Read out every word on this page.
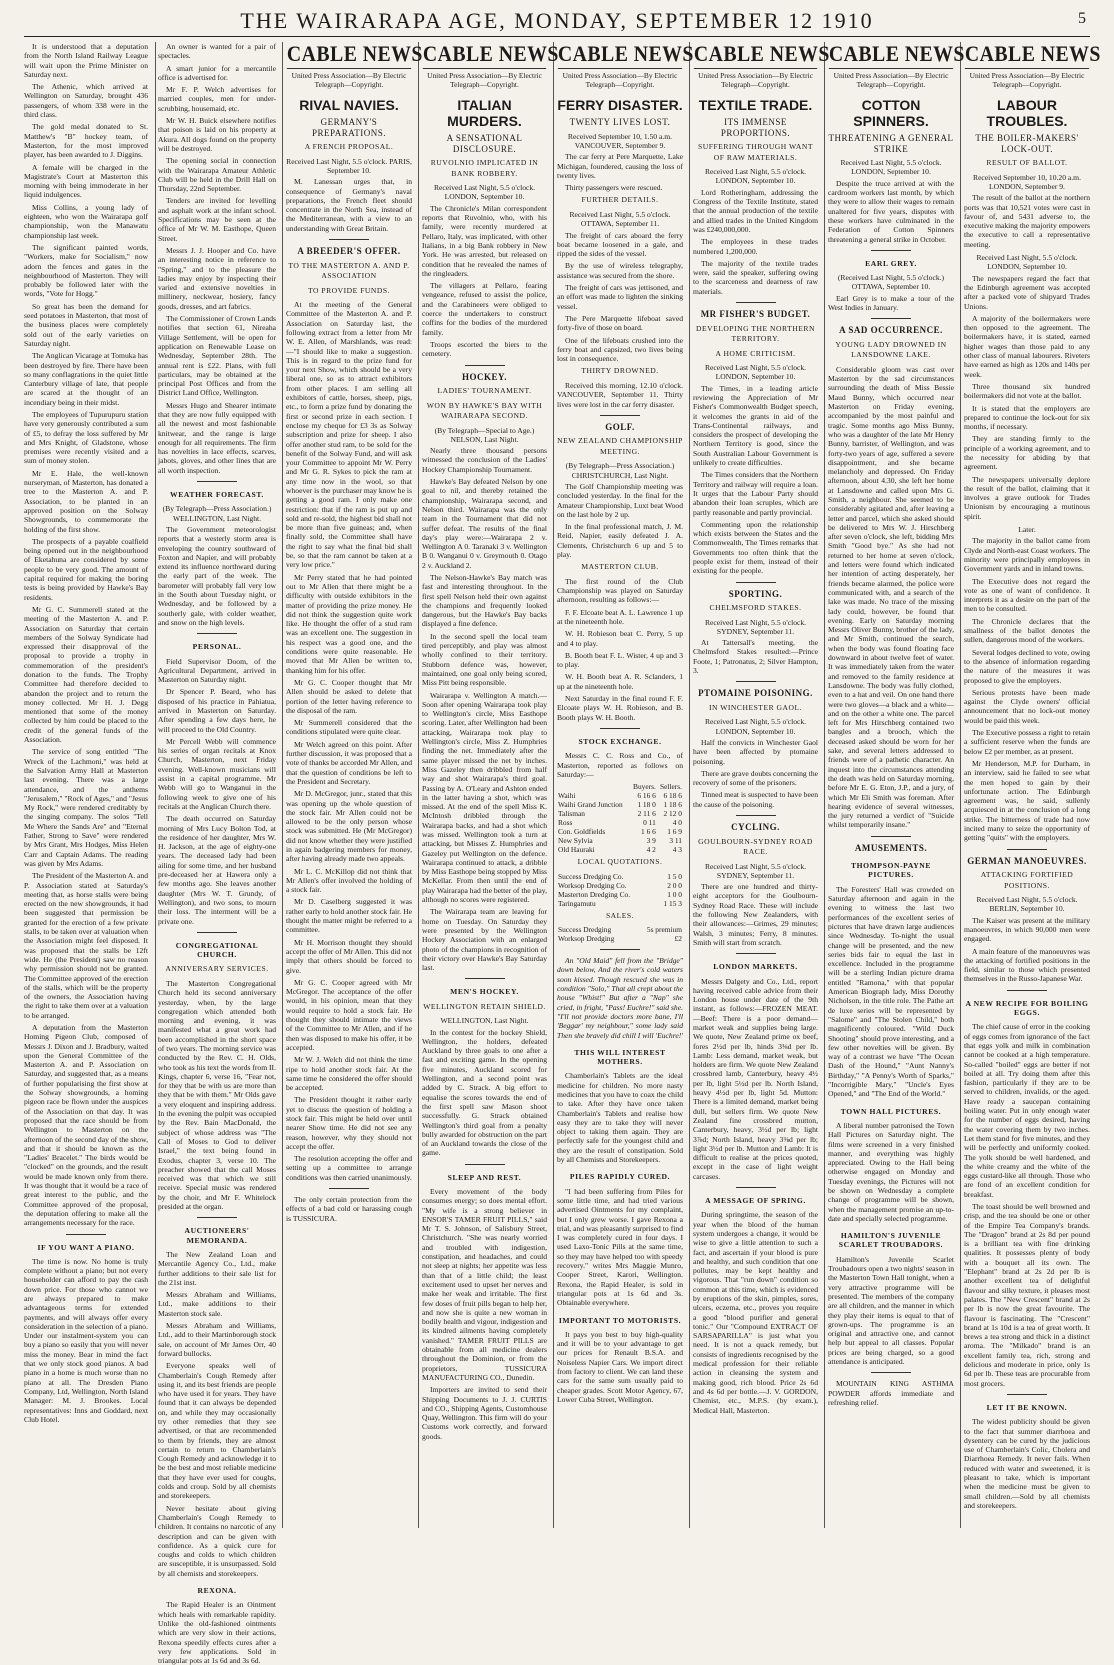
THE WAIRARAPA AGE, MONDAY, SEPTEMBER 12 1910	5

It is understood that a deputation from the North Island Railway League will wait upon the Prime Minister on Saturday next.

The Athenic, which arrived at Wellington on Saturday, brought 436 passengers, of whom 338 were in the third class.

The gold medal donated to St. Matthew's "B" hockey team, of Masterton, for the most improved player, has been awarded to J. Diggins.

A female will be charged in the Magistrate's Court at Masterton this morning with being immoderate in her liquid indulgences.

Miss Collins, a young lady of eighteen, who won the Wairarapa golf championship, won the Manawatu championship last week.

The significant painted words, "Workers, make for Socialism," now adorn the fences and gates in the neighbourhood of Masterton. They will probably be followed later with the words, "Vote for Hogg."

So great has been the demand for seed potatoes in Masterton, that most of the business places were completely sold out of the early varieties on Saturday night.

The Anglican Vicarage at Tomuka has been destroyed by fire. There have been so many conflagrations in the quiet little Canterbury village of late, that people are scared at the thought of an incendiary being in their midst.

The employees of Tupurupuru station have very generously contributed a sum of £5, to defray the loss suffered by Mr and Mrs Knight, of Gladstone, whose premises were recently visited and a sum of money stolen.

Mr E. Hale, the well-known nurseryman, of Masterton, has donated a tree to the Masterton A. and P. Association, to be planted in an approved position on the Solway Showgrounds, to commemorate the holding of the first show.

The prospects of a payable coalfield being opened out in the neighbourhood of Eketahuna are considered by some people to be very good. The amount of capital required for making the boring tests is being provided by Hawke's Bay residents.

Mr G. C. Summerell stated at the meeting of the Masterton A. and P. Association on Saturday that certain members of the Solway Syndicate had expressed their disapproval of the proposal to provide a trophy in commemoration of the president's donation to the funds. The Trophy Committee had therefore decided to abandon the project and to return the money collected. Mr H. J. Degg mentioned that some of the money collected by him could be placed to the credit of the general funds of the Association.

The service of song entitled "The Wreck of the Lachmoni," was held at the Salvation Army Hall at Masterton last evening. There was a large attendance, and the anthems "Jerusalem," "Rock of Ages," and "Jesus My Rock," were rendered creditably by the singing company. The solos "Tell Me Where the Sands Are" and "Eternal Father, Strong to Save" were rendered by Mrs Grant, Mrs Hodges, Miss Helen Carr and Captain Adams. The reading was given by Mrs Adams.

The President of the Masterton A. and P. Association stated at Saturday's meeting that, as horse stalls were being erected on the new showgrounds, it had been suggested that permission be granted for the erection of a few private stalls, to be taken over at valuation when the Association might feel disposed. It was proposed that the stalls be 12ft wide. He (the President) saw no reason why permission should not be granted. The Committee approved of the erection of the stalls, which will be the property of the owners, the Association having the right to take them over at a valuation to be arranged.

A deputation from the Masterton Homing Pigeon Club, composed of Messrs J. Dixon and J. Bradbury, waited upon the General Committee of the Masterton A. and P. Association on Saturday, and suggested that, as a means of further popularising the first show at the Solway showgrounds, a homing pigeon race be flown under the auspices of the Association on that day. It was proposed that the race should be from Wellington to Masterton on the afternoon of the second day of the show, and that it should be known as the "Ladies' Bracelet." The birds would be "clocked" on the grounds, and the result would be made known only from there. It was thought that it would be a race of great interest to the public, and the Committee approved of the proposal, the deputation offering to make all the arrangements necessary for the race.

IF YOU WANT A PIANO.

The time is now. No home is truly complete without a piano; but not every householder can afford to pay the cash down price. For those who cannot we are always prepared to make advantageous terms for extended payments, and will always offer every consideration in the selection of a piano. Under our instalment-system you can buy a piano so easily that you will never miss the money. Bear in mind the fact that we only stock good pianos. A bad piano in a home is much worse than no piano at all. The Dresden Piano Company, Ltd, Wellington, North Island Manager: M. J. Brookes. Local representatives: Inns and Goddard, next Club Hotel.

An owner is wanted for a pair of spectacles.

A smart junior for a mercantile office is advertised for.

Mr F. P. Welch advertises for married couples, men for under-scrubbing, housemaid, etc.

Mr W. H. Buick elsewhere notifies that poison is laid on his property at Akura. All dogs found on the property will be destroyed.

The opening social in connection with the Wairarapa Amateur Athletic Club will be held in the Drill Hall on Thursday, 22nd September.

Tenders are invited for levelling and asphalt work at the infant school. Specifications may be seen at the office of Mr W. M. Easthope, Queen Street.

Messrs J. J. Hooper and Co. have an interesting notice in reference to "Spring," and to the pleasure the ladies may enjoy by inspecting their varied and extensive novelties in millinery, neckwear, hosiery, fancy goods, dresses, and art fabrics.

The Commissioner of Crown Lands notifies that section 61, Nireaha Village Settlement, will be open for application on Renewable Lease on Wednesday, September 28th. The annual rent is £22. Plans, with full particulars, may be obtained at the principal Post Offices and from the District Land Office, Wellington.

Messrs Hugo and Shearer intimate that they are now fully equipped with all the newest and most fashionable knitwear, and the range is large enough for all requirements. The firm has novelties in lace effects, scarves, jabots, gloves, and other lines that are all worth inspection.

WEATHER FORECAST.
(By Telegraph—Press Association.) WELLINGTON, Last Night.

The Government meteorologist reports that a westerly storm area is enveloping the country southward of Foxton and Napier, and will probably extend its influence northward during the early part of the week. The barometer will probably fall very low in the South about Tuesday night, or Wednesday, and be followed by a southerly gale, with colder weather, and snow on the high levels.

PERSONAL.

Field Supervisor Doom, of the Agricultural Department, arrived in Masterton on Saturday night.

Dr Spencer P. Beard, who has disposed of his practice in Pahiatua, arrived in Masterton on Saturday. After spending a few days here, he will proceed to the Old Country.

Mr Percell Webb will commence his series of organ recitals at Knox Church, Masterton, next Friday evening. Well-known musicians will assist in a capital programme. Mr Webb will go to Wanganui in the following week to give one of his recitals at the Anglican Church there.

The death occurred on Saturday morning of Mrs Lucy Bolton Tod, at the residence of her daughter, Mrs W. H. Jackson, at the age of eighty-one years. The deceased lady had been ailing for some time, and her husband pre-deceased her at Hawera only a few months ago. She leaves another daughter (Mrs W. T. Grundy, of Wellington), and two sons, to mourn their loss. The interment will be a private one.

CONGREGATIONAL CHURCH.
ANNIVERSARY SERVICES.

The Masterton Congregational Church held its second anniversary yesterday, when, by the large congregation which attended both morning and evening, it was manifested what a great work had been accomplished in the short space of two years. The morning service was conducted by the Rev. C. H. Olds, who took as his text the words from II. Kings, chapter 6, verse 16, "Fear not, for they that be with us are more than they that be with them." Mr Olds gave a very eloquent and inspiring address. In the evening the pulpit was occupied by the Rev. Bain MacDonald, the subject of whose address was "The Call of Moses to God to deliver Israel," the text being found in Exodus, chapter 3, verse 10. The preacher showed that the call Moses received was that which we still receive. Special music was rendered by the choir, and Mr F. Whitelock presided at the organ.

AUCTIONEERS' MEMORANDA.

The New Zealand Loan and Mercantile Agency Co., Ltd., make further additions to their sale list for the 21st inst.

Messrs Abraham and Williams, Ltd., make additions to their Masterton stock sale.

Messrs Abraham and Williams, Ltd., add to their Martinborough stock sale, on account of Mr James Orr, 40 forward bullocks.

Everyone speaks well of Chamberlain's Cough Remedy after using it, and its best friends are people who have used it for years. They have found that it can always be depended on, and while they may occasionally try other remedies that they see advertised, or that are recommended to them by friends, they are almost certain to return to Chamberlain's Cough Remedy and acknowledge it to be the best and most reliable medicine that they have ever used for coughs, colds and croup. Sold by all chemists and storekeepers.

Never hesitate about giving Chamberlain's Cough Remedy to children. It contains no narcotic of any description and can be given with confidence. As a quick cure for coughs and colds to which children are susceptible, it is unsurpassed. Sold by all chemists and storekeepers.

REXONA.

The Rapid Healer is an Ointment which heals with remarkable rapidity. Unlike the old-fashioned ointments which are very slow in their actions, Rexona speedily effects cures after a very few applications. Sold in triangular pots at 1s 6d and 3s 6d.

CABLE NEWS
United Press Association—By Electric Telegraph—Copyright.
RIVAL NAVIES.
GERMANY'S PREPARATIONS.
A FRENCH PROPOSAL.
Received Last Night, 5.5 o'clock. PARIS, September 10.

M. Lanessan urges that, in consequence of Germany's naval preparations, the French fleet should concentrate in the North Sea, instead of the Mediterranean, with a view to an understanding with Great Britain.

A BREEDER'S OFFER.
TO THE MASTERTON A. AND P. ASSOCIATION
TO PROVIDE FUNDS.

At the meeting of the General Committee of the Masterton A. and P. Association on Saturday last, the following extract from a letter from Mr W. E. Allen, of Marshlands, was read:—"I should like to make a suggestion. This is in regard to the prize fund for your next Show, which should be a very liberal one, so as to attract exhibitors from other places. I am selling all exhibitors of cattle, horses, sheep, pigs, etc., to form a prize fund by donating the first or second prize in each section. I enclose my cheque for £3 3s as Solway subscription and prize for sheep. I also offer another stud ram, to be sold for the benefit of the Solway Fund, and will ask your Committee to appoint Mr W. Perry and Mr G. R. Sykes to pick the ram at any time now in the wool, so that whoever is the purchaser may know he is getting a good ram. I only make one restriction: that if the ram is put up and sold and re-sold, the highest bid shall not be more than five guineas; and, when finally sold, the Committee shall have the right to say what the final bid shall be, so that the ram cannot be taken at a very low price."

Mr Perry stated that he had pointed out to Mr Allen that there might be a difficulty with outside exhibitors in the matter of providing the prize money. He did not think the suggestion quite work like. He thought the offer of a stud ram was an excellent one. The suggestion in his respect was a good one, and the conditions were quite reasonable. He moved that Mr Allen be written to, thanking him for his offer.

Mr G. C. Cooper thought that Mr Allen should be asked to delete that portion of the letter having reference to the disposal of the ram.

Mr Summerell considered that the conditions stipulated were quite clear.

Mr Welch agreed on this point. After further discussion, it was proposed that a vote of thanks be accorded Mr Allen, and that the question of conditions be left to the President and Secretary.

Mr D. McGregor, junr., stated that this was opening up the whole question of the stock fair. Mr Allen could not be allowed to be the only person whose stock was submitted. He (Mr McGregor) did not know whether they were justified in again badgering members for money, after having already made two appeals.

Mr L. C. McKillop did not think that Mr Allen's offer involved the holding of a stock fair.

Mr D. Caselberg suggested it was rather early to hold another stock fair. He thought the matter might be referred to a committee.

Mr H. Morrison thought they should accept the offer of Mr Allen. This did not imply that others should be forced to give.

Mr G. C. Cooper agreed with Mr McGregor. The acceptance of the offer would, in his opinion, mean that they would require to hold a stock fair. He thought they should intimate the views of the Committee to Mr Allen, and if he then was disposed to make his offer, it be accepted.

Mr W. J. Welch did not think the time ripe to hold another stock fair. At the same time he considered the offer should be accepted.

The President thought it rather early yet to discuss the question of holding a stock fair. This might be held over until nearer Show time. He did not see any reason, however, why they should not accept the offer.

The resolution accepting the offer and setting up a committee to arrange conditions was then carried unanimously.

The only certain protection from the effects of a bad cold or harassing cough is TUSSICURA.

CABLE NEWS
United Press Association—By Electric Telegraph—Copyright.
ITALIAN MURDERS.
A SENSATIONAL DISCLOSURE.
RUVOLNIO IMPLICATED IN BANK ROBBERY.
Received Last Night, 5.5 o'clock. LONDON, September 10.

The Chronicle's Milan correspondent reports that Ruvolnio, who, with his family, were recently murdered at Pellaro, Italy, was implicated, with other Italians, in a big Bank robbery in New York. He was arrested, but released on condition that he revealed the names of the ringleaders.

The villagers at Pellaro, fearing vengeance, refused to assist the police, and the Carabineers were obliged to coerce the undertakers to construct coffins for the bodies of the murdered family.

Troops escorted the biers to the cemetery.

HOCKEY.
LADIES' TOURNAMENT.
WON BY HAWKE'S BAY WITH WAIRARAPA SECOND.
(By Telegraph—Special to Age.) NELSON, Last Night.

Nearly three thousand persons witnessed the conclusion of the Ladies' Hockey Championship Tournament.

Hawke's Bay defeated Nelson by one goal to nil, and thereby retained the championship, Wairarapa second, and Nelson third. Wairarapa was the only team in the Tournament that did not suffer defeat. The results of the final day's play were:—Wairarapa 2 v. Wellington A 0. Taranaki 3 v. Wellington B 0. Wanganui 0 v. Greymouth 0. Otago 2 v. Auckland 2.

The Nelson-Hawke's Bay match was fast and interesting throughout. In the first spell Nelson held their own against the champions and frequently looked dangerous, but the Hawke's Bay backs displayed a fine defence.

In the second spell the local team tired perceptibly, and play was almost wholly confined to their territory. Stubborn defence was, however, maintained, one goal only being scored, Miss Pitt being responsible.

Wairarapa v. Wellington A match.—Soon after opening Wairarapa took play to Wellington's circle, Miss Easthope scoring. Later, after Wellington had been attacking, Wairarapa took play to Wellington's circle, Miss Z. Humphries finding the net. Immediately after the same player missed the net by inches. Miss Gazeley then dribbled from half way and shot Wairarapa's third goal. Passing by A. O'Leary and Ashton ended in the latter having a shot, which was missed. At the end of the spell Miss K. McIntosh dribbled through the Wairarapa backs, and had a shot which was missed. Wellington took a turn at attacking, but Misses Z. Humphries and Gazeley put Wellington on the defence. Wairarapa continued to attack, a dribble by Miss Easthope being stopped by Miss McKellar. From then until the end of play Wairarapa had the better of the play, although no scores were registered.

The Wairarapa team are leaving for home on Tuesday. On Saturday they were presented by the Wellington Hockey Association with an enlarged photo of the champions in recognition of their victory over Hawke's Bay Saturday last.

MEN'S HOCKEY.
WELLINGTON RETAIN SHIELD.
WELLINGTON, Last Night.

In the contest for the hockey Shield, Wellington, the holders, defeated Auckland by three goals to one after a fast and exciting game. In the opening five minutes, Auckland scored for Wellington, and a second point was added by C. Strack. A big effort to equalise the scores towards the end of the first spell saw Mason shoot successfully. G. Strack obtained Wellington's third goal from a penalty bully awarded for obstruction on the part of an Auckland towards the close of the game.

SLEEP AND REST.

Every movement of the body consumes energy; so does mental effort. "My wife is a strong believer in ENSOR'S TAMER FRUIT PILLS," said Mr T. S. Johnson, of Salisbury Street, Christchurch. "She was nearly worried and troubled with indigestion, constipation, and headaches, and could not sleep at nights; her appetite was less than that of a little child; the least excitement used to upset her nerves and make her weak and irritable. The first few doses of fruit pills began to help her, and now she is quite a new woman in bodily health and vigour, indigestion and its kindred ailments having completely vanished." TAMER FRUIT PILLS are obtainable from all medicine dealers throughout the Dominion, or from the proprietors, TUSSICURA MANUFACTURING CO., Dunedin.

Importers are invited to send their Shipping Documents to J. J. CURTIS and CO., Shipping Agents, Customhouse Quay, Wellington. This firm will do your Customs work correctly, and forward goods.

CABLE NEWS
United Press Association—By Electric Telegraph—Copyright.
FERRY DISASTER.
TWENTY LIVES LOST.
Received September 10, 1.50 a.m. VANCOUVER, September 9.

The car ferry at Pere Marquette, Lake Michigan, foundered, causing the loss of twenty lives.

Thirty passengers were rescued.

FURTHER DETAILS.
Received Last Night, 5.5 o'clock. OTTAWA, September 11.

The freight of cars aboard the ferry boat became loosened in a gale, and ripped the sides of the vessel.

By the use of wireless telegraphy, assistance was secured from the shore.

The freight of cars was jettisoned, and an effort was made to lighten the sinking vessel.

The Pere Marquette lifeboat saved forty-five of those on board.

One of the lifeboats crushed into the ferry boat and capsized, two lives being lost in consequence.

THIRTY DROWNED.

Received this morning, 12.10 o'clock. VANCOUVER, September 11. Thirty lives were lost in the car ferry disaster.

GOLF.
NEW ZEALAND CHAMPIONSHIP MEETING.
(By Telegraph—Press Association.) CHRISTCHURCH, Last Night.

The Golf Championship meeting was concluded yesterday. In the final for the Amateur Championship, Luxt beat Wood on the last hole by 2 up.

In the final professional match, J. M. Reid, Napier, easily defeated J. A. Clements, Christchurch 6 up and 5 to play.

MASTERTON CLUB.

The first round of the Club Championship was played on Saturday afternoon, resulting as follows:—

F. F. Elcoate beat A. L. Lawrence 1 up at the nineteenth hole.

W. H. Robieson beat C. Perry, 5 up and 4 to play.

B. Booth beat F. L. Wister, 4 up and 3 to play.

W. H. Booth beat A. R. Sclanders, 1 up at the nineteenth hole.

Next Saturday in the final round F. F. Elcoate plays W. H. Robieson, and B. Booth plays W. H. Booth.

STOCK EXCHANGE.

Messrs C. C. Ross and Co., of Masterton, reported as follows on Saturday:—

	Buyers.	Sellers.
Waihi	6 16 6	6 18 6
Waihi Grand Junction	1 18 0	1 18 6
Talisman	2 11 6	2 12 0
Ross	0 11	4 0
Con. Goldfields	1 6 6	1 6 9
New Sylvia	3 9	3 11
Old Hauraki	4 2	4 3
LOCAL QUOTATIONS.
Success Dredging Co.	1 5 0
Worksop Dredging Co.	2 0 0
Masterton Dredging Co.	1 0 0
Taringamutu	1 15 3
SALES.
Success Dredging	5s premium
Worksop Dredging	£2

An "Old Maid" fell from the "Bridge" down below, And the river's cold waters soon kissed. Though rescued she was in condition "Solo," That all crept about the house "Whist!" But after a "Nap" she cried, in fright, "Pass! Euchre!" said she. "I'll not provide doctors more bane, I'll 'Beggar' my neighbour," some lady said Then she bravely did chill I will 'Euchre!'

THIS WILL INTEREST MOTHERS.

Chamberlain's Tablets are the ideal medicine for children. No more nasty medicines that you have to coax the child to take. After they have once taken Chamberlain's Tablets and realise how easy they are to take they will never object to taking them again. They are perfectly safe for the youngest child and they are the result of constipation. Sold by all Chemists and Storekeepers.

PILES RAPIDLY CURED.

"I had been suffering from Piles for some little time, and had tried various advertised Ointments for my complaint, but I only grew worse. I gave Rexona a trial, and was pleasantly surprised to find I was completely cured in four days. I used Laxo-Tonic Pills at the same time, so they may have helped too with speedy recovery." writes Mrs Maggie Munro, Cooper Street, Karori, Wellington. Rexona, the Rapid Healer, is sold in triangular pots at 1s 6d and 3s. Obtainable everywhere.

IMPORTANT TO MOTORISTS.

It pays you best to buy high-quality and it will be to your advantage to get our prices for Renault B.S.A. and Noiseless Napier Cars. We import direct from factory to client. We can land these cars for the same sum usually paid to cheaper grades. Scott Motor Agency, 67, Lower Cuba Street, Wellington.

CABLE NEWS
United Press Association—By Electric Telegraph—Copyright.
TEXTILE TRADE.
ITS IMMENSE PROPORTIONS.
SUFFERING THROUGH WANT OF RAW MATERIALS.
Received Last Night, 5.5 o'clock. LONDON, September 10.

Lord Rotheringham, addressing the Congress of the Textile Institute, stated that the annual production of the textile and allied trades in the United Kingdom was £240,000,000.

The employees in these trades numbered 1,200,000.

The majority of the textile trades were, said the speaker, suffering owing to the scarceness and dearness of raw materials.

MR FISHER'S BUDGET.
DEVELOPING THE NORTHERN TERRITORY.
A HOME CRITICISM.
Received Last Night, 5.5 o'clock. LONDON, September 10.

The Times, in a leading article reviewing the Appreciation of Mr Fisher's Commonwealth Budget speech, it welcomes the grants in aid of the Trans-Continental railways, and considers the prospect of developing the Northern Territory is good, since the South Australian Labour Government is unlikely to create difficulties.

The Times considers that the Northern Territory and railway will require a loan. It urges that the Labour Party should abandon their loan scruples, which are partly reasonable and partly provincial.

Commenting upon the relationship which exists between the States and the Commonwealth, The Times remarks that Governments too often think that the people exist for them, instead of their existing for the people.

SPORTING.
CHELMSFORD STAKES.
Received Last Night, 5.5 o'clock. SYDNEY, September 11.

At Tattersall's meeting, the Chelmsford Stakes resulted:—Prince Foote, 1; Patronatus, 2; Silver Hampton, 3.

PTOMAINE POISONING.
IN WINCHESTER GAOL.
Received Last Night, 5.5 o'clock. LONDON, September 10.

Half the convicts in Winchester Gaol have been affected by ptomaine poisoning.

There are grave doubts concerning the recovery of some of the prisoners.

Tinned meat is suspected to have been the cause of the poisoning.

CYCLING.
GOULBOURN-SYDNEY ROAD RACE.
Received Last Night, 5.5 o'clock. SYDNEY, September 11.

There are one hundred and thirty-eight acceptors for the Goulbourn-Sydney Road Race. These will include the following New Zealanders, with their allowances:—Grimes, 29 minutes; Walsh, 3 minutes; Ferry, 8 minutes. Smith will start from scratch.

LONDON MARKETS.

Messrs Dalgety and Co., Ltd., report having received cable advice from their London house under date of the 9th instant, as follows:—FROZEN MEAT.—Beef: There is a poor demand—market weak and supplies being large. We quote, New Zealand prime ox beef, fores 2½d per lb, hinds 3⅜d per lb. Lamb: Less demand, market weak, but holders are firm. We quote New Zealand crossbred lamb, Canterbury, heavy 4½ per lb, light 5½d per lb. North Island, heavy 4½d per lb, light 5d. Mutton: There is a limited demand, market being dull, but sellers firm. We quote New Zealand fine crossbred mutton, Canterbury, heavy, 3½d per lb; light 3⅞d; North Island, heavy 3⅜d per lb; light 3½d per lb. Mutton and Lamb: It is difficult to realise at the prices quoted, except in the case of light weight carcases.

A MESSAGE OF SPRING.

During springtime, the season of the year when the blood of the human system undergoes a change, it would be wise to give a little attention to such a fact, and ascertain if your blood is pure and healthy, and such condition that one pollutes, may be kept healthy and vigorous. That "run down" condition so common at this time, which is evidenced by eruptions of the skin, pimples, sores, ulcers, eczema, etc., proves you require a good "blood purifier and general tonic." Our "Compound EXTRACT OF SARSAPARILLA" is just what you need. It is not a quack remedy, but consists of ingredients recognised by the medical profession for their reliable action in cleansing the system and making good, rich blood. Price 2s 6d and 4s 6d per bottle.—J. V. GORDON, Chemist, etc., M.P.S. (by exam.), Medical Hall, Masterton.

CABLE NEWS
United Press Association—By Electric Telegraph—Copyright.
COTTON SPINNERS.
THREATENING A GENERAL STRIKE
Received Last Night, 5.5 o'clock. LONDON, September 10.

Despite the truce arrived at with the cardroom workers last month, by which they were to allow their wages to remain unaltered for five years, disputes with these workers have culminated in the Federation of Cotton Spinners threatening a general strike in October.

EARL GREY.
(Received Last Night, 5.5 o'clock.) OTTAWA, September 10.

Earl Grey is to make a tour of the West Indies in January.

A SAD OCCURRENCE.
YOUNG LADY DROWNED IN LANSDOWNE LAKE.

Considerable gloom was cast over Masterton by the sad circumstances surrounding the death of Miss Bessie Maud Bunny, which occurred near Masterton on Friday evening, accompanied by the most painful and tragic. Some months ago Miss Bunny, who was a daughter of the late Mr Henry Bunny, barrister, of Wellington, and was forty-two years of age, suffered a severe disappointment, and she became melancholy and depressed. On Friday afternoon, about 4.30, she left her home at Lansdowne and called upon Mrs G. Smith, a neighbour. She seemed to be considerably agitated and, after leaving a letter and parcel, which she asked should be delivered to Mrs W. J. Hirschberg after seven o'clock, she left, bidding Mrs Smith "Good bye." As she had not returned to her home at seven o'clock, and letters were found which indicated her intention of acting desperately, her friends became alarmed, the police were communicated with, and a search of the lake was made. No trace of the missing lady could, however, be found that evening. Early on Saturday morning Messrs Oliver Bunny, brother of the lady, and Mr Smith, continued the search, when the body was found floating face downward in about twelve feet of water. It was immediately taken from the water and removed to the family residence at Lansdowne. The body was fully clothed, even to a hat and veil. On one hand there were two gloves—a black and a white—and on the other a white one. The parcel left for Mrs Hirschberg contained two bangles and a brooch, which the deceased asked should be worn for her sake, and several letters addressed to friends were of a pathetic character. An inquest into the circumstances attending the death was held on Saturday morning, before Mr E. G. Eton, J.P., and a jury, of which Mr Eli Smith was foreman. After hearing evidence of several witnesses, the jury returned a verdict of "Suicide whilst temporarily insane."

AMUSEMENTS.
THOMPSON-PAYNE PICTURES.

The Foresters' Hall was crowded on Saturday afternoon and again in the evening to witness the last two performances of the excellent series of pictures that have drawn large audiences since Wednesday. To-night the usual change will be presented, and the new series bids fair to equal the last in excellence. Included in the programme will be a sterling Indian picture drama entitled "Ramona," with that popular American Biograph lady, Miss Dorothy Nicholson, in the title role. The Pathe art de luxe series will be represented by "Salome" and "The Stolen Child," both magnificently coloured. "Wild Duck Shooting" should prove interesting, and a few other novelties will be given. By way of a contrast we have "The Ocean Dash of the Hound," "Aunt Nanny's Birthday," "A Penny's Worth of Sparks," "Incorrigible Mary," "Uncle's Eyes Opened," and "The End of the World."

TOWN HALL PICTURES.

A liberal number patronised the Town Hall Pictures on Saturday night. The films were screened in a very finished manner, and everything was highly appreciated. Owing to the Hall being otherwise engaged on Monday and Tuesday evenings, the Pictures will not be shown on Wednesday a complete change of programme will be shown, when the management promise an up-to-date and specially selected programme.

HAMILTON'S JUVENILE SCARLET TROUBADORS.

Hamilton's Juvenile Scarlet Troubadours open a two nights' season in the Masterton Town Hall tonight, when a very attractive programme will be presented. The members of the company are all children, and the manner in which they play their items is equal to that of grown-ups. The programme is an original and attractive one, and cannot help but appeal to all classes. Popular prices are being charged, so a good attendance is anticipated.

MOUNTAIN KING ASTHMA POWDER affords immediate and refreshing relief.

CABLE NEWS
United Press Association—By Electric Telegraph—Copyright.
LABOUR TROUBLES.
THE BOILER-MAKERS' LOCK-OUT.
RESULT OF BALLOT.
Received September 10, 10.20 a.m. LONDON, September 9.

The result of the ballot at the northern ports was that 10,521 votes were cast in favour of, and 5431 adverse to, the executive making the majority empowers the executive to call a representative meeting.

Received Last Night, 5.5 o'clock. LONDON, September 10.

The newspapers regard the fact that the Edinburgh agreement was accepted after a packed vote of shipyard Trades Unions.

A majority of the boilermakers were then opposed to the agreement. The boilermakers have, it is stated, earned higher wages than those paid to any other class of manual labourers. Riveters have earned as high as 120s and 140s per week.

Three thousand six hundred boilermakers did not vote at the ballot.

It is stated that the employers are prepared to continue the lock-out for six months, if necessary.

They are standing firmly to the principle of a working agreement, and to the necessity for abiding by that agreement.

The newspapers universally deplore the result of the ballot, claiming that it involves a grave outlook for Trades Unionism by encouraging a mutinous spirit.

Later.

The majority in the ballot came from Clyde and North-east Coast workers. The minority were principally employees in Government yards and in inland towns.

The Executive does not regard the vote as one of want of confidence. It interprets it as a desire on the part of the men to be consulted.

The Chronicle declares that the smallness of the ballot denotes the sullen, dangerous mood of the workers.

Several lodges declined to vote, owing to the absence of information regarding the nature of the measures it was proposed to give the employers.

Serious protests have been made against the Clyde owners' official announcement that no lock-out money would be paid this week.

The Executive possess a right to retain a sufficient reserve when the funds are below £2 per member, as at present.

Mr Henderson, M.P. for Durham, in an interview, said he failed to see what the men hoped to gain by their unfortunate action. The Edinburgh agreement was, he said, sullenly acquiesced in at the conclusion of a long strike. The bitterness of trade had now incited many to seize the opportunity of getting "quits" with the employers.

GERMAN MANOEUVRES.
ATTACKING FORTIFIED POSITIONS.
Received Last Night, 5.5 o'clock. BERLIN, September 10.

The Kaiser was present at the military manoeuvres, in which 90,000 men were engaged.

A main feature of the manoeuvres was the attacking of fortified positions in the field, similar to those which presented themselves in the Russo-Japanese War.

A NEW RECIPE FOR BOILING EGGS.

The chief cause of error in the cooking of eggs comes from ignorance of the fact that eggs yolk and milk in combination cannot be cooked at a high temperature. So-called "boiled" eggs are better if not boiled at all. Try doing them after this fashion, particularly if they are to be served to children, invalids, or the aged. Have ready a saucepan containing boiling water. Put in only enough water for the number of eggs desired, having the water covering them by two inches. Let them stand for five minutes, and they will be perfectly and uniformly cooked. The yolk should be well hardened, and the white creamy and the white of the eggs custard-like all through. Those who are fond of an excellent condition for breakfast.

The toast should be well browned and crisp, and the tea should be one or other of the Empire Tea Company's brands. The "Dragon" brand at 2s 8d per pound is a brilliant tea with fine drinking qualities. It possesses plenty of body with a bouquet all its own. The "Elephant" brand at 2s 2d per lb is another excellent tea of delightful flavour and silky texture, it pleases most palates. The "New Crescent" brand at 2s per lb is now the great favourite. The flavour is fascinating. The "Crescent" brand at 1s 10d is a tea of great worth. It brews a tea strong and thick in a distinct aroma. The "Milkado" brand is an excellent family tea, rich, strong and delicious and moderate in price, only 1s 6d per lb. These teas are procurable from most grocers.

LET IT BE KNOWN.

The widest publicity should be given to the fact that summer diarrhoea and dysentery can be cured by the judicious use of Chamberlain's Colic, Cholera and Diarrhoea Remedy. It never fails. When reduced with water and sweetened, it is pleasant to take, which is important when the medicine must be given to small children.—Sold by all chemists and storekeepers.
